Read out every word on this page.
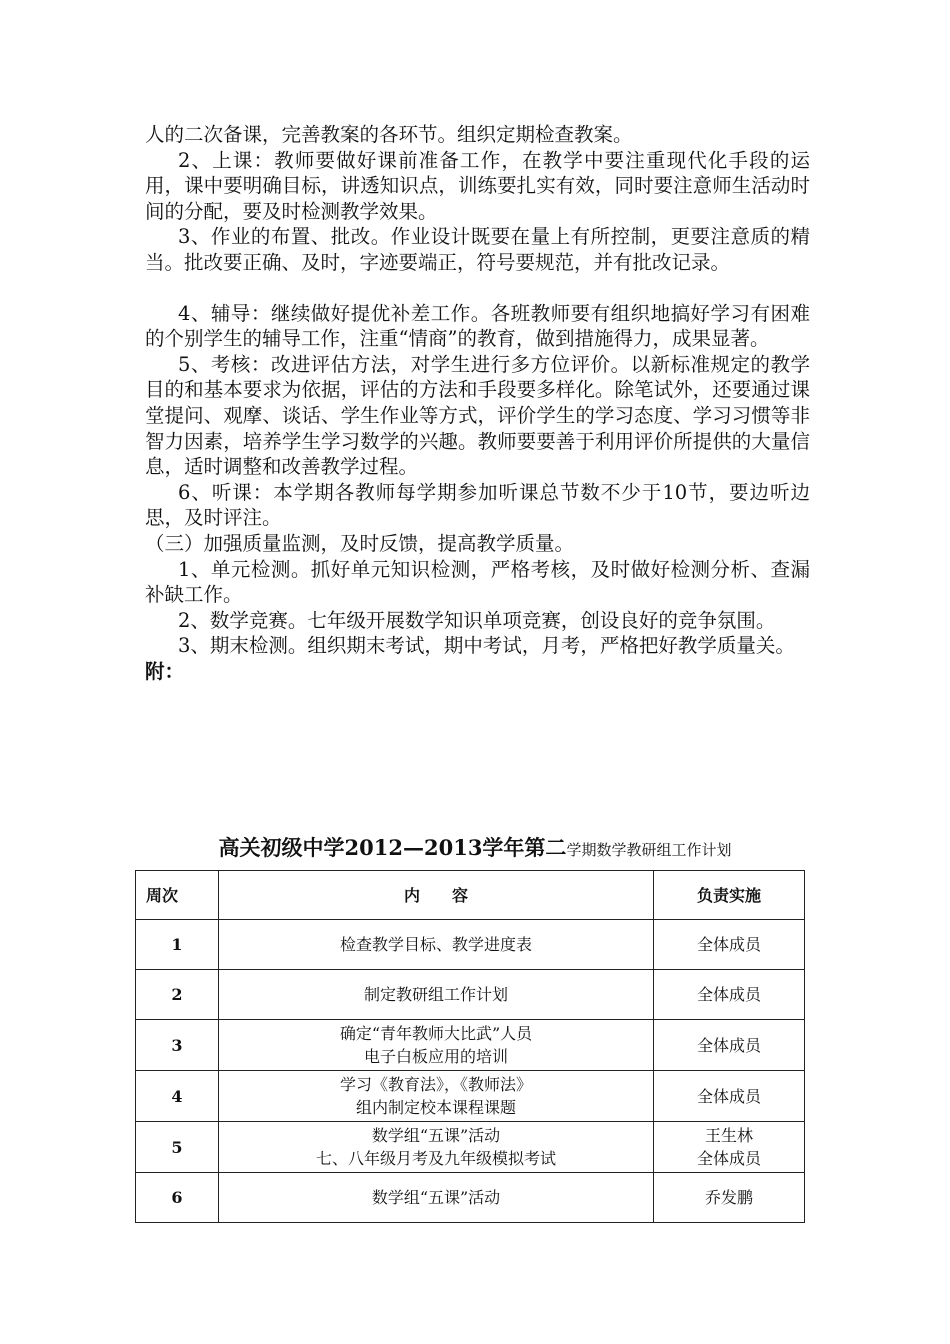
人的二次备课，完善教案的各环节。组织定期检查教案。

2、上课：教师要做好课前准备工作，在教学中要注重现代化手段的运用，课中要明确目标，讲透知识点，训练要扎实有效，同时要注意师生活动时间的分配，要及时检测教学效果。

3、作业的布置、批改。作业设计既要在量上有所控制，更要注意质的精当。批改要正确、及时，字迹要端正，符号要规范，并有批改记录。

4、辅导：继续做好提优补差工作。各班教师要有组织地搞好学习有困难的个别学生的辅导工作，注重“情商”的教育，做到措施得力，成果显著。

5、考核：改进评估方法，对学生进行多方位评价。以新标准规定的教学目的和基本要求为依据，评估的方法和手段要多样化。除笔试外，还要通过课堂提问、观摩、谈话、学生作业等方式，评价学生的学习态度、学习习惯等非智力因素，培养学生学习数学的兴趣。教师要要善于利用评价所提供的大量信息，适时调整和改善教学过程。

6、听课：本学期各教师每学期参加听课总节数不少于10节，要边听边思，及时评注。

（三）加强质量监测，及时反馈，提高教学质量。

1、单元检测。抓好单元知识检测，严格考核，及时做好检测分析、查漏补缺工作。

2、数学竞赛。七年级开展数学知识单项竞赛，创设良好的竞争氛围。

3、期末检测。组织期末考试，期中考试，月考，严格把好教学质量关。

附：

高关初级中学2012—2013学年第二学期数学教研组工作计划
周次	内　　容	负责实施
1	检查教学目标、教学进度表	全体成员

2	制定教研组工作计划	全体成员

3	确定“青年教师大比武”人员
电子白板应用的培训	全体成员

4	学习《教育法》，《教师法》
组内制定校本课程课题	全体成员

5	数学组“五课”活动
七、八年级月考及九年级模拟考试	王生林
全体成员

6	数学组“五课”活动	乔发鹏
